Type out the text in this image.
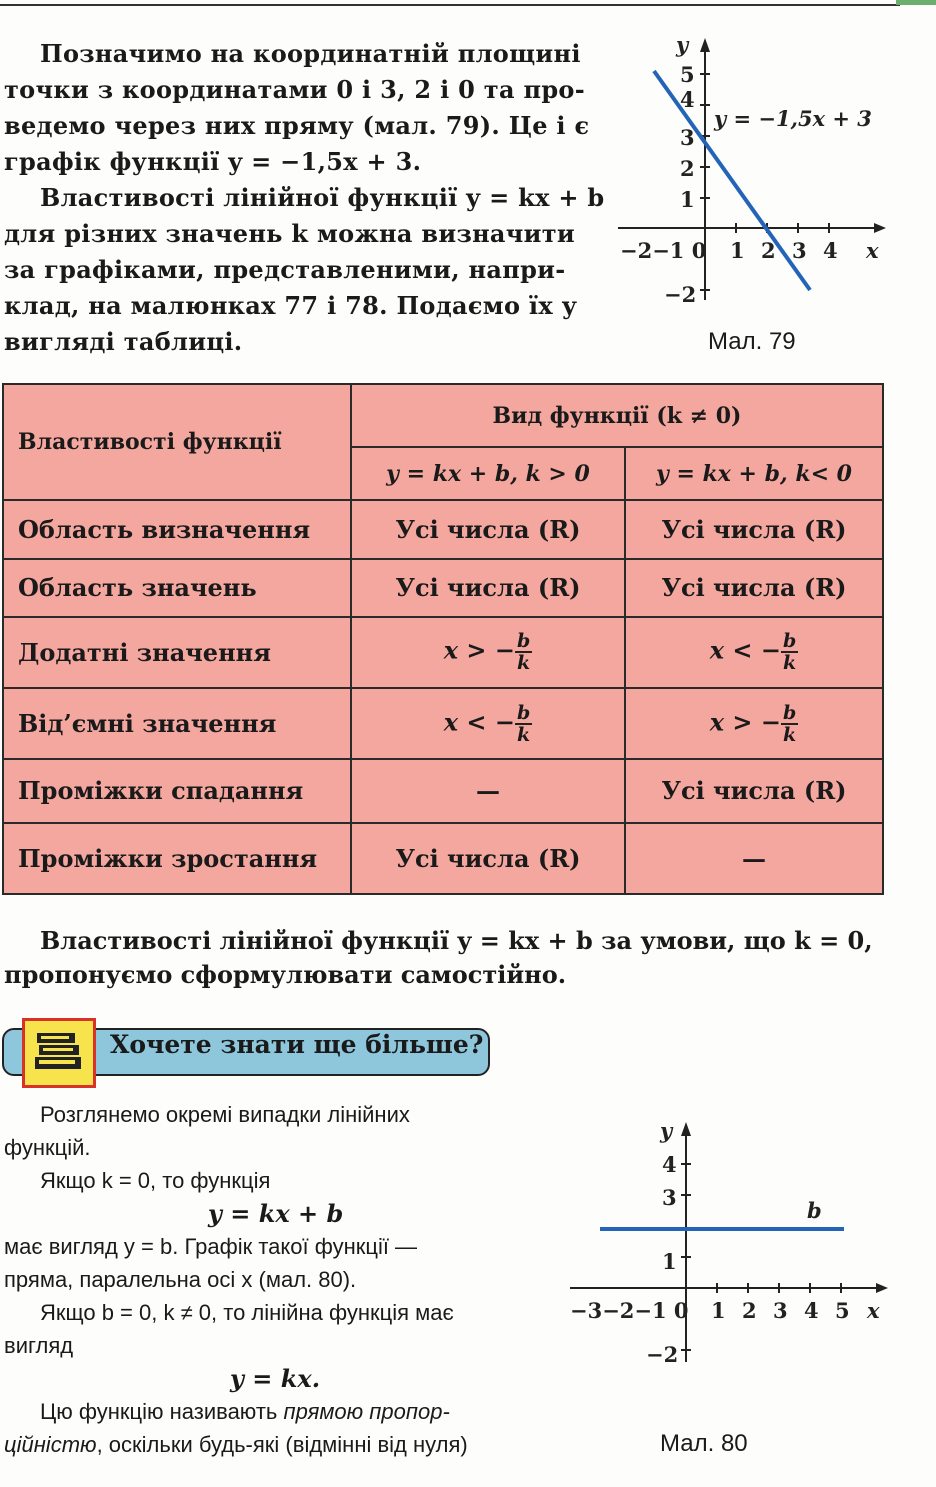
Позначимо на координатній площині
точки з координатами 0 і 3, 2 і 0 та про-
ведемо через них пряму (мал. 79). Це і є
графік функції y = −1,5x + 3.
Властивості лінійної функції y = kx + b
для різних значень k можна визначити
за графіками, представленими, напри-
клад, на малюнках 77 і 78. Подаємо їх у
вигляді таблиці.
y
x
5
4
3
2
1
−2
−2−1 0 1 2 3 4
y = −1,5x + 3
Мал. 79
Властивості функції	Вид функції (k ≠ 0)	
	y = kx + b, k > 0	y = kx + b, k< 0
Область визначення	Усі числа (R)	Усі числа (R)
Область значень	Усі числа (R)	Усі числа (R)
Додатні значення	x > − $\frac{b}{k}$	x < − $\frac{b}{k}$

Від’ємні значення	x < − $\frac{b}{k}$	x > − $\frac{b}{k}$

Проміжки спадання	—	Усі числа (R)
Проміжки зростання	Усі числа (R)	—
Властивості лінійної функції y = kx + b за умови, що k = 0,
пропонуємо сформулювати самостійно.
Хочете знати ще більше?
Розглянемо окремі випадки лінійних
функцій.
Якщо k = 0, то функція
y = kx + b
має вигляд y = b. Графік такої функції —
пряма, паралельна осі x (мал. 80).
Якщо b = 0, k ≠ 0, то лінійна функція має
вигляд
y = kx.
Цю функцію називають прямою пропор-
ційністю, оскільки будь-які (відмінні від нуля)
y
x
b
4
3
1
−2
−3−2−1 0 1 2 3 4 5
Мал. 80
